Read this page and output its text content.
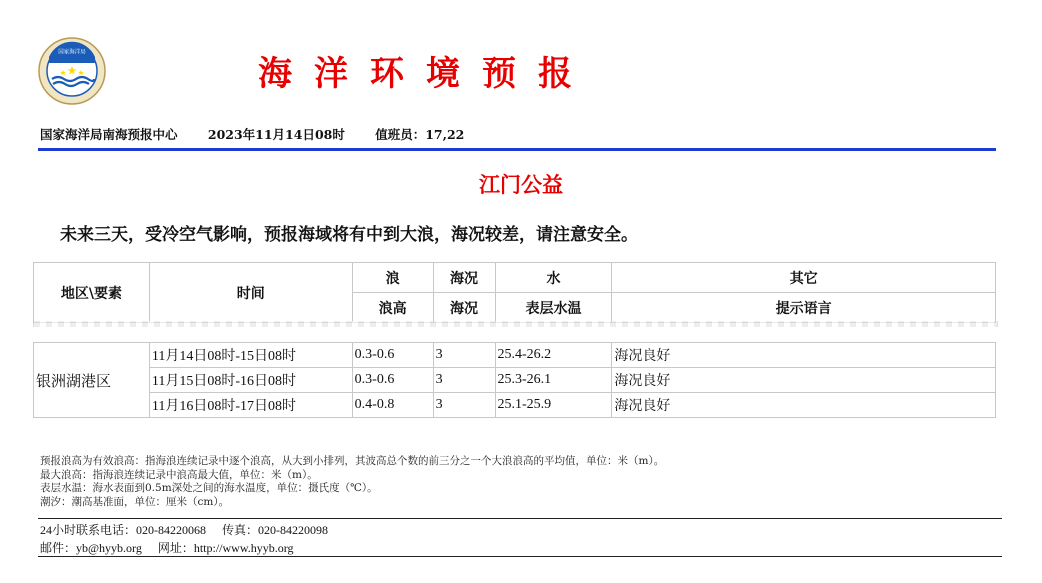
国家海洋局
海洋环境预报
国家海洋局南海预报中心 2023年11月14日08时 值班员：17,22
江门公益
未来三天，受冷空气影响，预报海域将有中到大浪，海况较差，请注意安全。
地区\要素	时间	浪	海况	水	其它
		浪高	海况	表层水温	提示语言
银洲湖港区	11月14日08时-15日08时	0.3-0.6	3	25.4-26.2	海况良好
	11月15日08时-16日08时	0.3-0.6	3	25.3-26.1	海况良好
	11月16日08时-17日08时	0.4-0.8	3	25.1-25.9	海况良好
预报浪高为有效浪高：指海浪连续记录中逐个浪高，从大到小排列，其波高总个数的前三分之一个大浪浪高的平均值，单位：米（m）。
最大浪高：指海浪连续记录中浪高最大值，单位：米（m）。
表层水温：海水表面到0.5m深处之间的海水温度，单位：摄氏度（℃）。
潮汐：潮高基准面，单位：厘米（cm）。
24小时联系电话：020-84220068 传真：020-84220098
邮件：yb@hyyb.org 网址：http://www.hyyb.org
